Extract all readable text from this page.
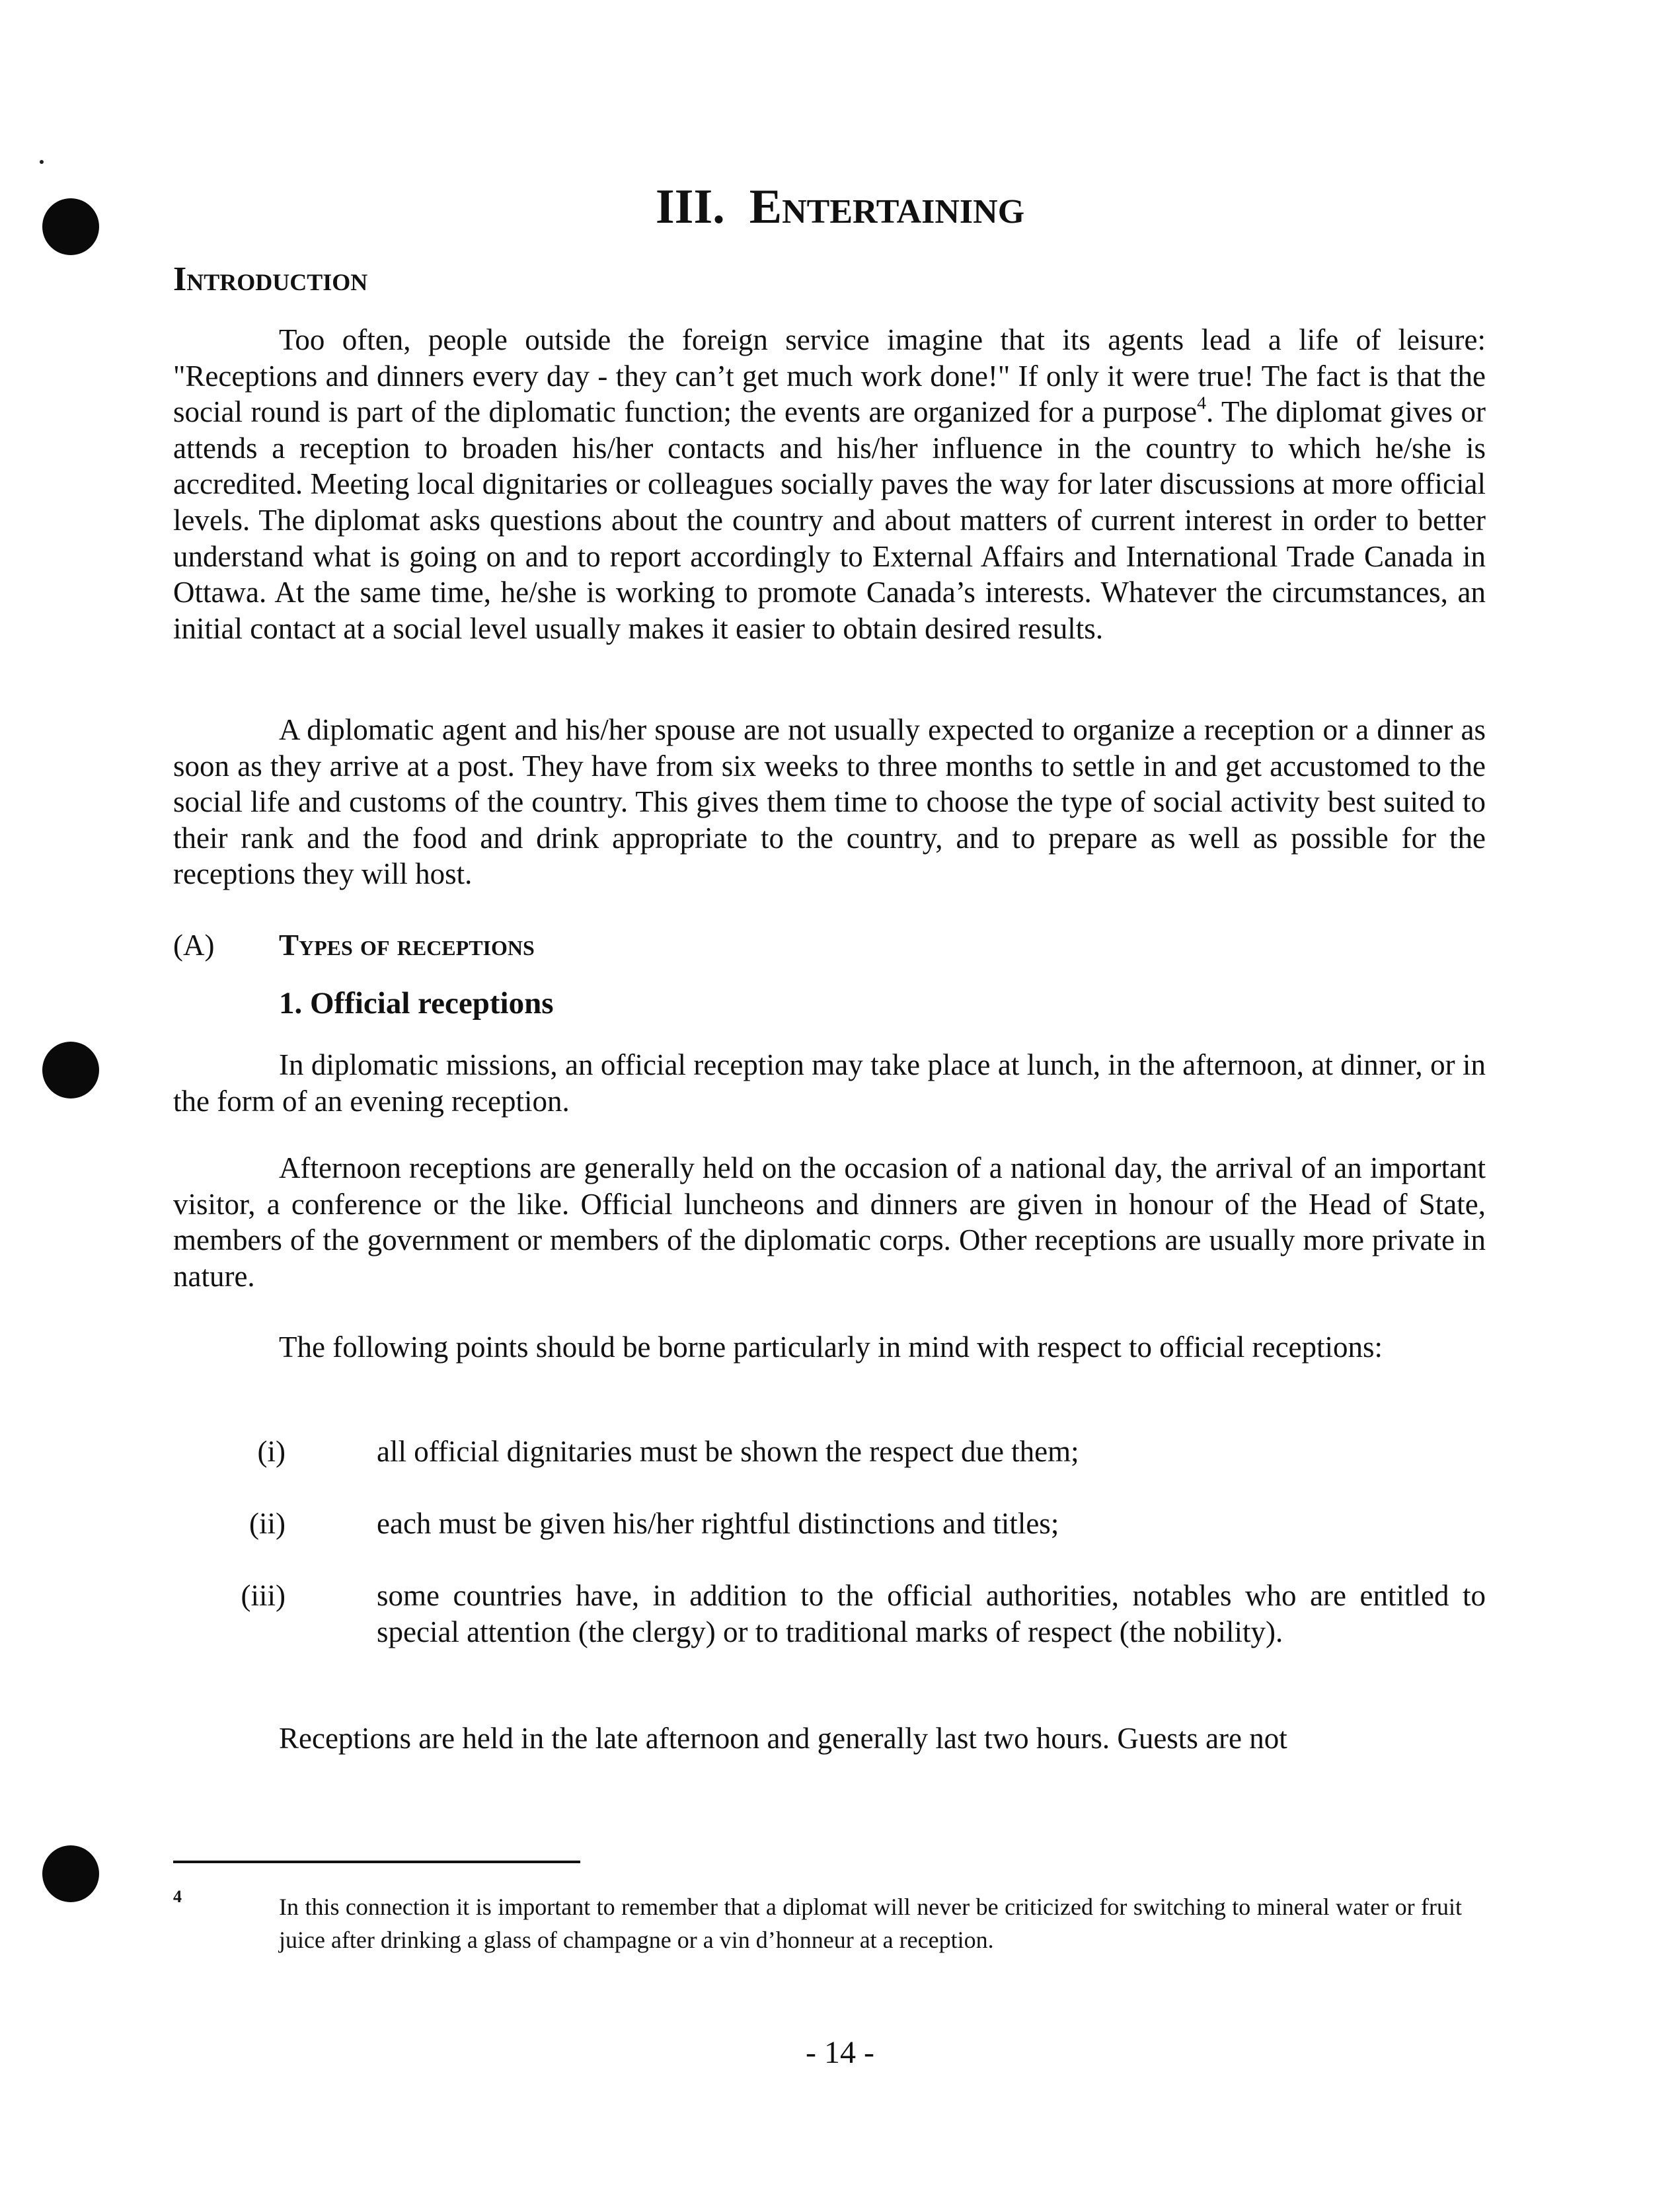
III. Entertaining
Introduction

Too often, people outside the foreign service imagine that its agents lead a life of leisure: "Receptions and dinners every day - they can’t get much work done!" If only it were true! The fact is that the social round is part of the diplomatic function; the events are organized for a purpose$^4$. The diplomat gives or attends a reception to broaden his/her contacts and his/her influence in the country to which he/she is accredited. Meeting local dignitaries or colleagues socially paves the way for later discussions at more official levels. The diplomat asks questions about the country and about matters of current interest in order to better understand what is going on and to report accordingly to External Affairs and International Trade Canada in Ottawa. At the same time, he/she is working to promote Canada’s interests. Whatever the circumstances, an initial contact at a social level usually makes it easier to obtain desired results.

A diplomatic agent and his/her spouse are not usually expected to organize a reception or a dinner as soon as they arrive at a post. They have from six weeks to three months to settle in and get accustomed to the social life and customs of the country. This gives them time to choose the type of social activity best suited to their rank and the food and drink appropriate to the country, and to prepare as well as possible for the receptions they will host.

(A) Types of receptions
1. Official receptions

In diplomatic missions, an official reception may take place at lunch, in the afternoon, at dinner, or in the form of an evening reception.

Afternoon receptions are generally held on the occasion of a national day, the arrival of an important visitor, a conference or the like. Official luncheons and dinners are given in honour of the Head of State, members of the government or members of the diplomatic corps. Other receptions are usually more private in nature.

The following points should be borne particularly in mind with respect to official receptions:

(i)	all official dignitaries must be shown the respect due them;
(ii)	each must be given his/her rightful distinctions and titles;
(iii)	some countries have, in addition to the official authorities, notables who are entitled to special attention (the clergy) or to traditional marks of respect (the nobility).

Receptions are held in the late afternoon and generally last two hours. Guests are not

4	In this connection it is important to remember that a diplomat will never be criticized for switching to mineral water or fruit juice after drinking a glass of champagne or a vin d’honneur at a reception.

- 14 -
